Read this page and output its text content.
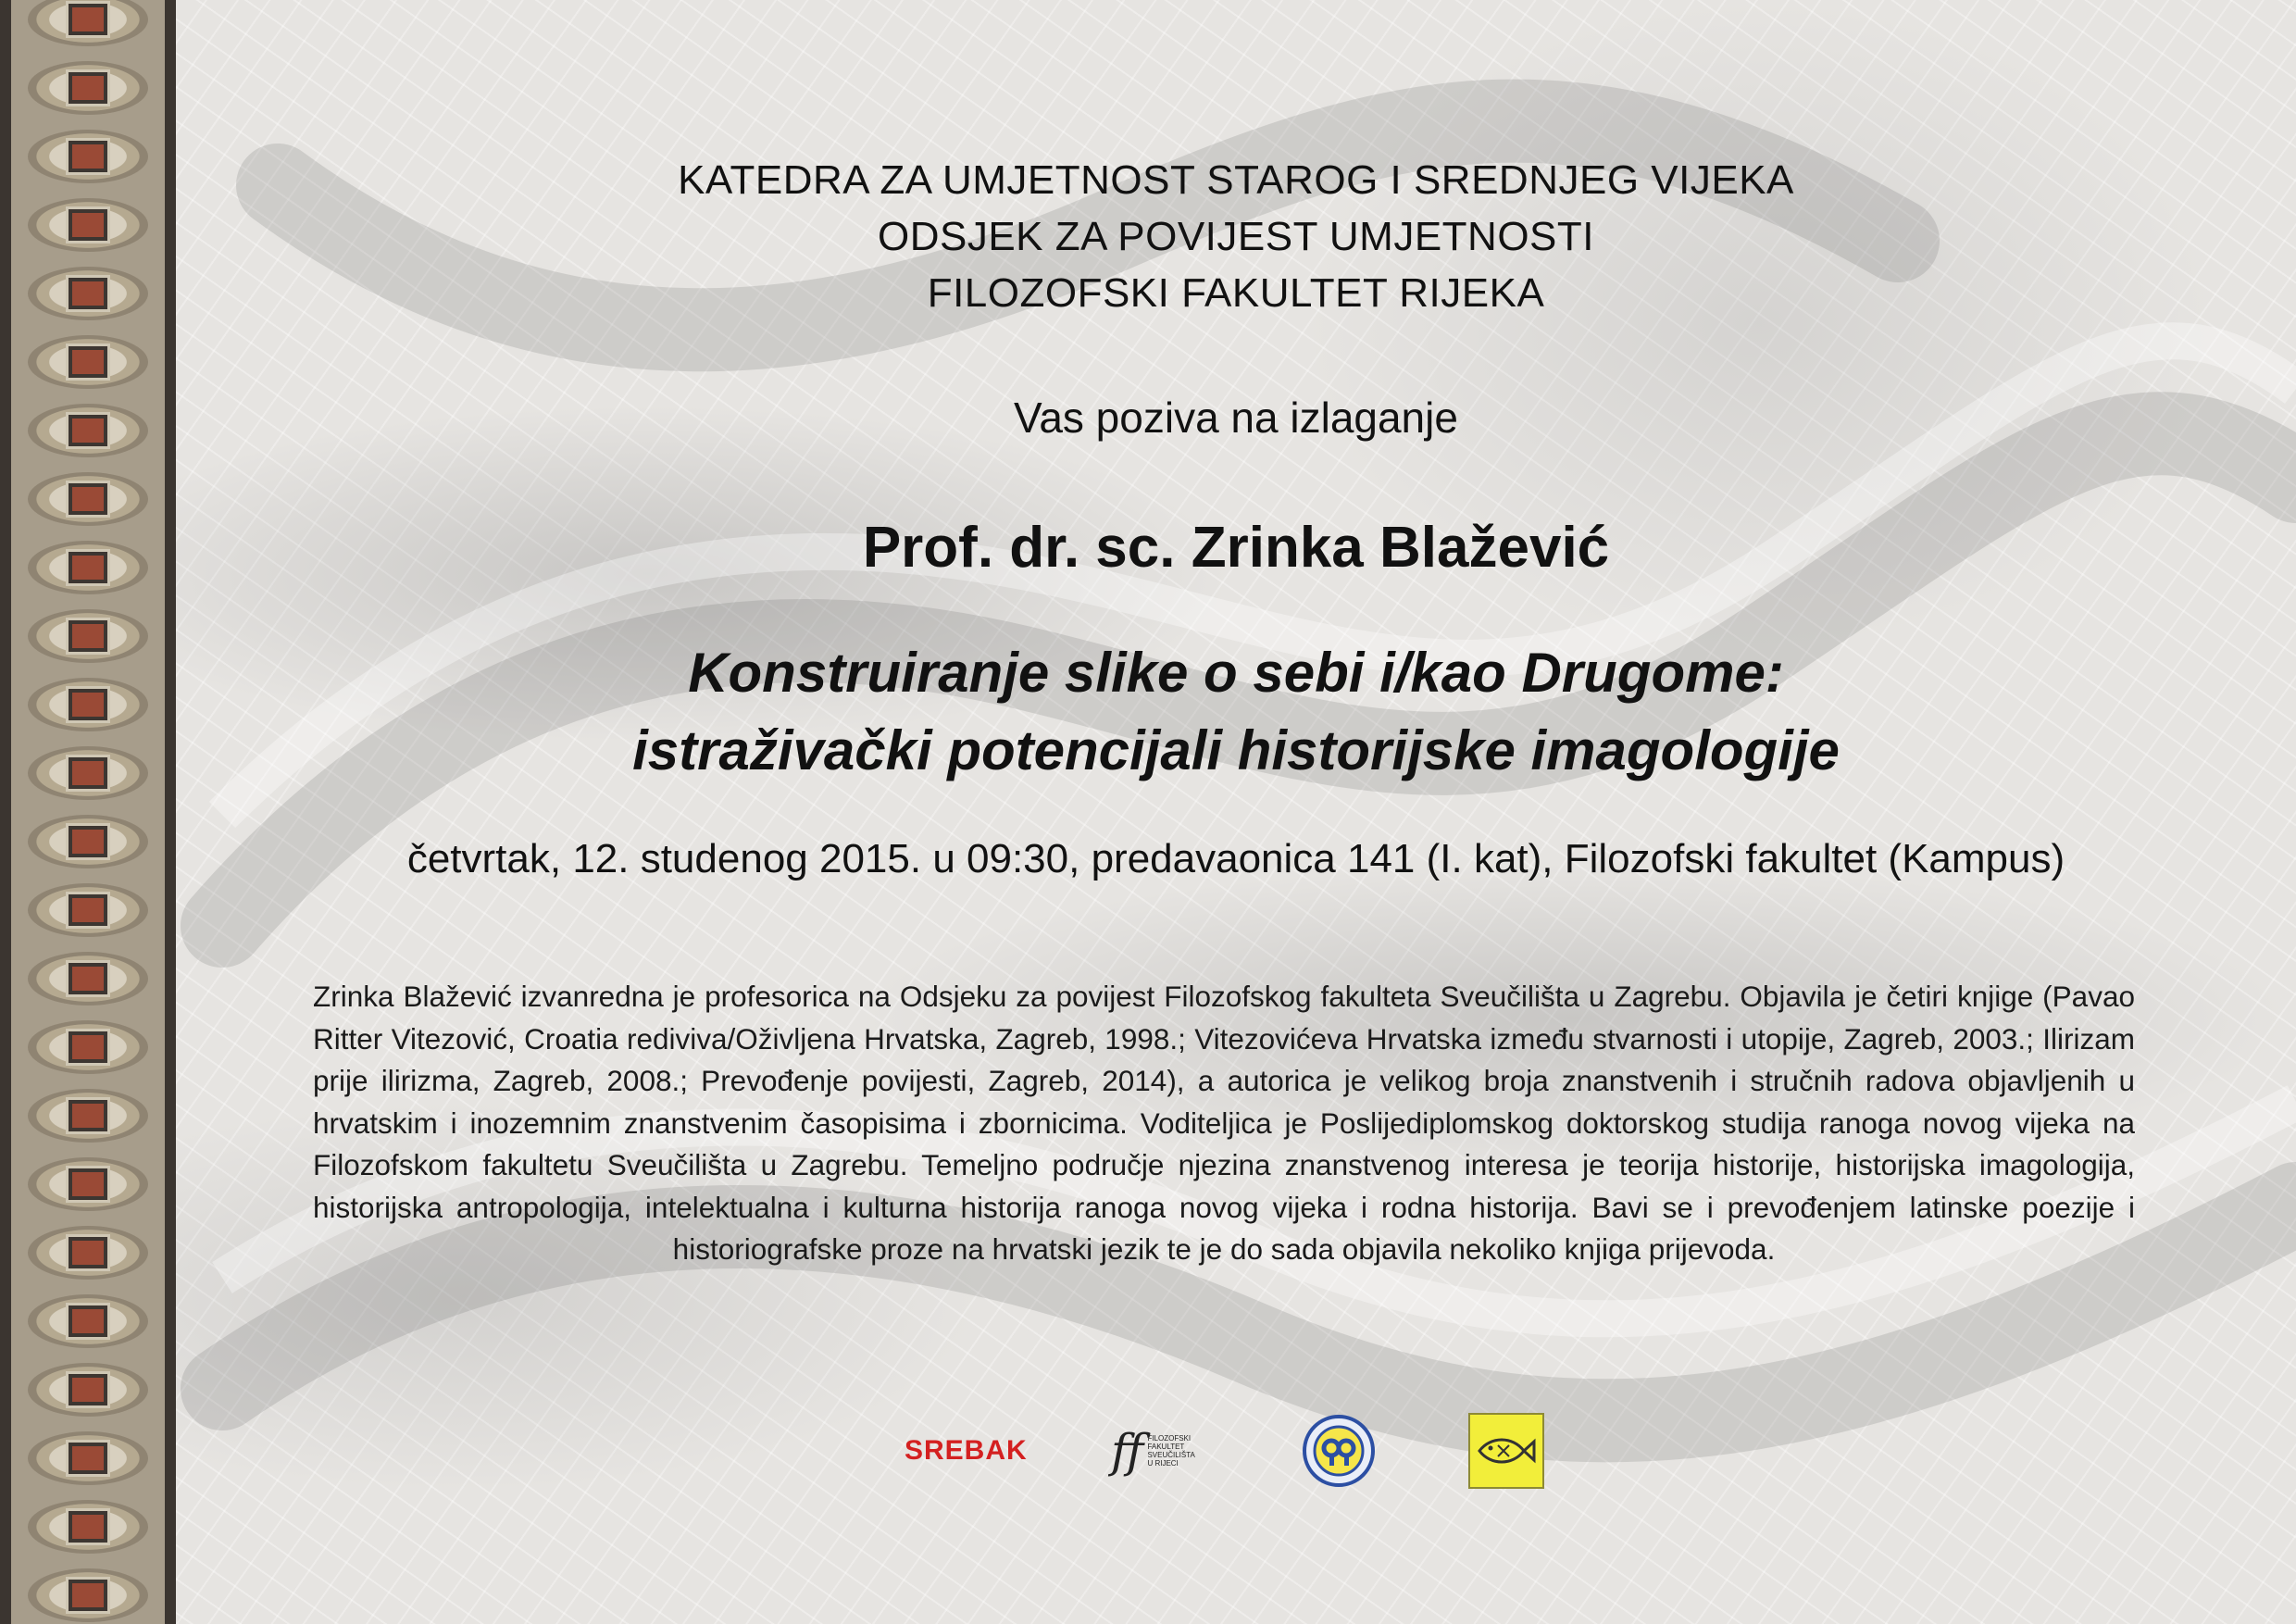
KATEDRA ZA UMJETNOST STAROG I SREDNJEG VIJEKA
ODSJEK ZA POVIJEST UMJETNOSTI
FILOZOFSKI FAKULTET RIJEKA
Vas poziva na izlaganje
Prof. dr. sc. Zrinka Blažević
Konstruiranje slike o sebi i/kao Drugome:
istraživački potencijali historijske imagologije
četvrtak, 12. studenog 2015. u 09:30, predavaonica 141 (I. kat), Filozofski fakultet (Kampus)
Zrinka Blažević izvanredna je profesorica na Odsjeku za povijest Filozofskog fakulteta Sveučilišta u Zagrebu. Objavila je četiri knjige (Pavao Ritter Vitezović, Croatia rediviva/Oživljena Hrvatska, Zagreb, 1998.; Vitezovićeva Hrvatska između stvarnosti i utopije, Zagreb, 2003.; Ilirizam prije ilirizma, Zagreb, 2008.; Prevođenje povijesti, Zagreb, 2014), a autorica je velikog broja znanstvenih i stručnih radova objavljenih u hrvatskim i inozemnim znanstvenim časopisima i zbornicima. Voditeljica je Poslijediplomskog doktorskog studija ranoga novog vijeka na Filozofskom fakultetu Sveučilišta u Zagrebu. Temeljno područje njezina znanstvenog interesa je teorija historije, historijska imagologija, historijska antropologija, intelektualna i kulturna historija ranoga novog vijeka i rodna historija. Bavi se i prevođenjem latinske poezije i historiografske proze na hrvatski jezik te je do sada objavila nekoliko knjiga prijevoda.
SREBAK ff FILOZOFSKI
FAKULTET
SVEUČILIŠTA
U RIJECI
